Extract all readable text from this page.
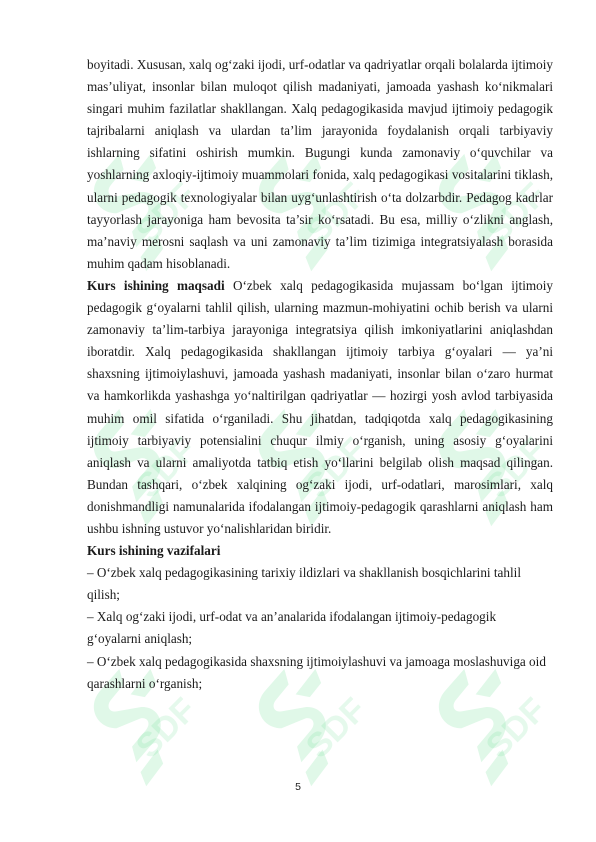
SDF	SDF	SDF
SDF	SDF	SDF
SDF	SDF	SDF

boyitadi. Xususan, xalq og‘zaki ijodi, urf-odatlar va qadriyatlar orqali bolalarda ijtimoiy mas’uliyat, insonlar bilan muloqot qilish madaniyati, jamoada yashash ko‘nikmalari singari muhim fazilatlar shakllangan. Xalq pedagogikasida mavjud ijtimoiy pedagogik tajribalarni aniqlash va ulardan ta’lim jarayonida foydalanish orqali tarbiyaviy ishlarning sifatini oshirish mumkin. Bugungi kunda zamonaviy o‘quvchilar va yoshlarning axloqiy-ijtimoiy muammolari fonida, xalq pedagogikasi vositalarini tiklash, ularni pedagogik texnologiyalar bilan uyg‘unlashtirish o‘ta dolzarbdir. Pedagog kadrlar tayyorlash jarayoniga ham bevosita ta’sir ko‘rsatadi. Bu esa, milliy o‘zlikni anglash, ma’naviy merosni saqlash va uni zamonaviy ta’lim tizimiga integratsiyalash borasida muhim qadam hisoblanadi.

Kurs ishining maqsadi O‘zbek xalq pedagogikasida mujassam bo‘lgan ijtimoiy pedagogik g‘oyalarni tahlil qilish, ularning mazmun-mohiyatini ochib berish va ularni zamonaviy ta’lim-tarbiya jarayoniga integratsiya qilish imkoniyatlarini aniqlashdan iboratdir. Xalq pedagogikasida shakllangan ijtimoiy tarbiya g‘oyalari — ya’ni shaxsning ijtimoiylashuvi, jamoada yashash madaniyati, insonlar bilan o‘zaro hurmat va hamkorlikda yashashga yo‘naltirilgan qadriyatlar — hozirgi yosh avlod tarbiyasida muhim omil sifatida o‘rganiladi. Shu jihatdan, tadqiqotda xalq pedagogikasining ijtimoiy tarbiyaviy potensialini chuqur ilmiy o‘rganish, uning asosiy g‘oyalarini aniqlash va ularni amaliyotda tatbiq etish yo‘llarini belgilab olish maqsad qilingan. Bundan tashqari, o‘zbek xalqining og‘zaki ijodi, urf-odatlari, marosimlari, xalq donishmandligi namunalarida ifodalangan ijtimoiy-pedagogik qarashlarni aniqlash ham ushbu ishning ustuvor yo‘nalishlaridan biridir.

Kurs ishining vazifalari

– O‘zbek xalq pedagogikasining tarixiy ildizlari va shakllanish bosqichlarini tahlil qilish;

– Xalq og‘zaki ijodi, urf-odat va an’analarida ifodalangan ijtimoiy-pedagogik g‘oyalarni aniqlash;

– O‘zbek xalq pedagogikasida shaxsning ijtimoiylashuvi va jamoaga moslashuviga oid qarashlarni o‘rganish;

5
